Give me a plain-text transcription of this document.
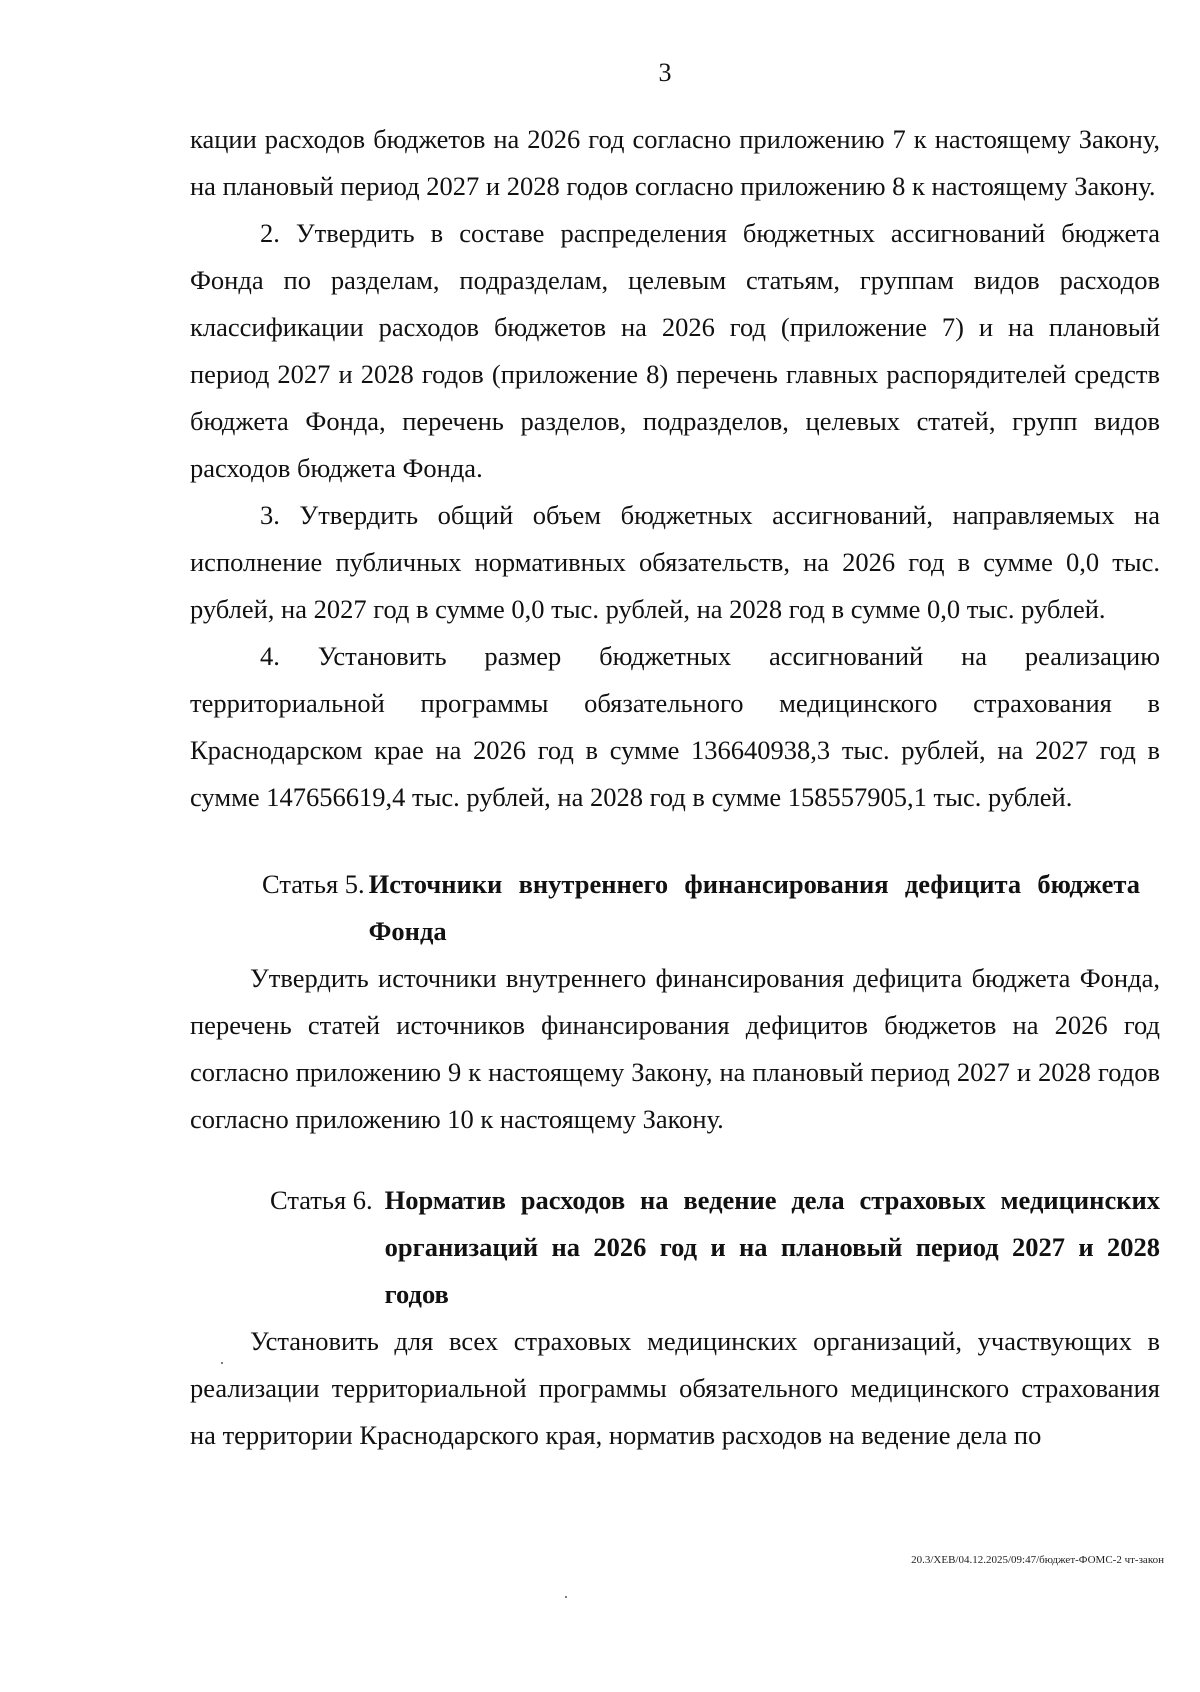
3

кации расходов бюджетов на 2026 год согласно приложению 7 к настоящему Закону, на плановый период 2027 и 2028 годов согласно приложению 8 к настоящему Закону.

2. Утвердить в составе распределения бюджетных ассигнований бюджета Фонда по разделам, подразделам, целевым статьям, группам видов расходов классификации расходов бюджетов на 2026 год (приложение 7) и на плановый период 2027 и 2028 годов (приложение 8) перечень главных распорядителей средств бюджета Фонда, перечень разделов, подразделов, целевых статей, групп видов расходов бюджета Фонда.

3. Утвердить общий объем бюджетных ассигнований, направляемых на исполнение публичных нормативных обязательств, на 2026 год в сумме 0,0 тыс. рублей, на 2027 год в сумме 0,0 тыс. рублей, на 2028 год в сумме 0,0 тыс. рублей.

4. Установить размер бюджетных ассигнований на реализацию территориальной программы обязательного медицинского страхования в Краснодарском крае на 2026 год в сумме 136640938,3 тыс. рублей, на 2027 год в сумме 147656619,4 тыс. рублей, на 2028 год в сумме 158557905,1 тыс. рублей.

Статья 5. Источники внутреннего финансирования дефицита бюджета Фонда

Утвердить источники внутреннего финансирования дефицита бюджета Фонда, перечень статей источников финансирования дефицитов бюджетов на 2026 год согласно приложению 9 к настоящему Закону, на плановый период 2027 и 2028 годов согласно приложению 10 к настоящему Закону.

Статья 6. Норматив расходов на ведение дела страховых медицинских организаций на 2026 год и на плановый период 2027 и 2028 годов

Установить для всех страховых медицинских организаций, участвующих в реализации территориальной программы обязательного медицинского страхования на территории Краснодарского края, норматив расходов на ведение дела по

20.3/ХЕВ/04.12.2025/09:47/бюджет-ФОМС-2 чт-закон
